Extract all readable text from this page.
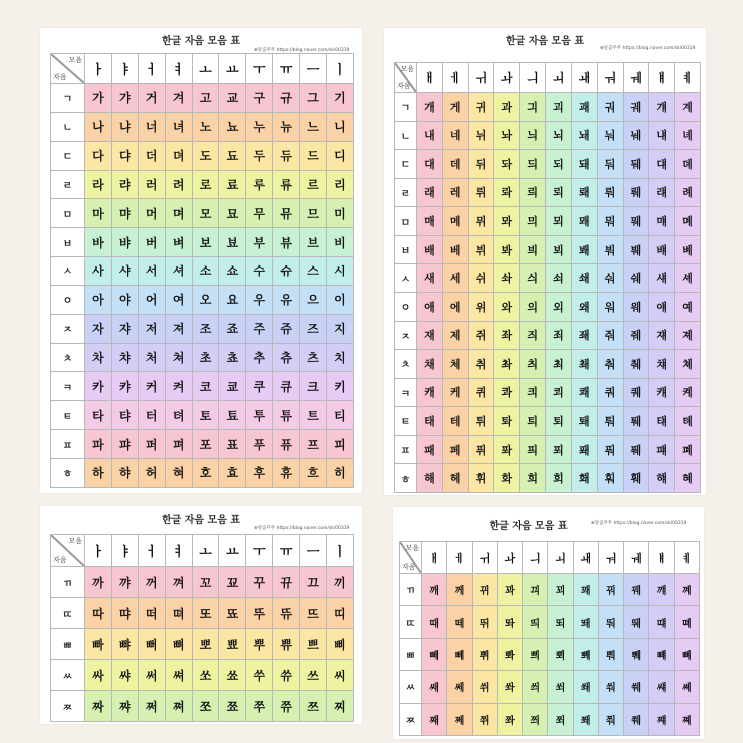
한글 자음 모음 표
⊕달콤무무 https://blog.naver.com/ski00319
모음
자음	ㅏ	ㅑ	ㅓ	ㅕ	ㅗ	ㅛ	ㅜ	ㅠ	ㅡ	ㅣ
ㄱ	가	갸	거	겨	고	교	구	규	그	기
ㄴ	나	냐	너	녀	노	뇨	누	뉴	느	니
ㄷ	다	댜	더	뎌	도	됴	두	듀	드	디
ㄹ	라	랴	러	려	로	료	루	류	르	리
ㅁ	마	먀	머	며	모	묘	무	뮤	므	미
ㅂ	바	뱌	버	벼	보	뵤	부	뷰	브	비
ㅅ	사	샤	서	셔	소	쇼	수	슈	스	시
ㅇ	아	야	어	여	오	요	우	유	으	이
ㅈ	자	쟈	저	져	조	죠	주	쥬	즈	지
ㅊ	차	챠	처	쳐	초	쵸	추	츄	츠	치
ㅋ	카	캬	커	켜	코	쿄	쿠	큐	크	키
ㅌ	타	탸	터	텨	토	툐	투	튜	트	티
ㅍ	파	퍄	퍼	펴	포	표	푸	퓨	프	피
ㅎ	하	햐	허	혀	호	효	후	휴	흐	히
한글 자음 모음 표
⊕달콤무무 https://blog.naver.com/ski00319
모음
자음	ㅐ	ㅔ	ㅟ	ㅘ	ㅢ	ㅚ	ㅙ	ㅝ	ㅞ	ㅒ	ㅖ
ㄱ	개	게	귀	과	긔	괴	괘	궈	궤	걔	계
ㄴ	내	네	뉘	놔	늬	뇌	놰	눠	눼	냬	녜
ㄷ	대	데	뒤	돠	듸	되	돼	둬	뒈	댸	뎨
ㄹ	래	레	뤼	롸	릐	뢰	뢔	뤄	뤠	럐	례
ㅁ	매	메	뮈	뫄	믜	뫼	뫠	뭐	뭬	먜	몌
ㅂ	배	베	뷔	봐	븨	뵈	봬	붜	붸	뱨	볘
ㅅ	새	세	쉬	솨	싀	쇠	쇄	숴	쉐	섀	셰
ㅇ	애	에	위	와	의	외	왜	워	웨	얘	예
ㅈ	재	제	쥐	좌	즤	죄	좨	줘	줴	쟤	졔
ㅊ	채	체	취	촤	츼	최	쵀	춰	췌	챼	쳬
ㅋ	캐	케	퀴	콰	킈	쾨	쾌	쿼	퀘	컈	켸
ㅌ	태	테	튀	톼	틔	퇴	퇘	퉈	퉤	턔	톄
ㅍ	패	페	퓌	퐈	픠	푀	퐤	풔	풰	퍠	폐
ㅎ	해	헤	휘	화	희	회	홰	훠	훼	햬	혜
한글 자음 모음 표
⊕달콤무무 https://blog.naver.com/ski00319
모음
자음	ㅏ	ㅑ	ㅓ	ㅕ	ㅗ	ㅛ	ㅜ	ㅠ	ㅡ	ㅣ
ㄲ	까	꺄	꺼	껴	꼬	꾜	꾸	뀨	끄	끼
ㄸ	따	땨	떠	뗘	또	뚀	뚜	뜌	뜨	띠
ㅃ	빠	뺘	뻐	뼈	뽀	뾰	뿌	쀼	쁘	삐
ㅆ	싸	쌰	써	쎠	쏘	쑈	쑤	쓔	쓰	씨
ㅉ	짜	쨔	쩌	쪄	쪼	쬬	쭈	쮸	쯔	찌
한글 자음 모음 표	⊕달콤무무 https://blog.naver.com/ski00319
모음
자음	ㅐ	ㅔ	ㅟ	ㅘ	ㅢ	ㅚ	ㅙ	ㅝ	ㅞ	ㅒ	ㅖ
ㄲ	깨	께	뀌	꽈	끠	꾀	꽤	꿔	꿰	꺠	꼐
ㄸ	때	떼	뛰	똬	띄	뙤	뙈	뚸	뛔	떄	뗴
ㅃ	빼	뻬	쀠	뽜	쁴	뾔	뽸	뿨	쀄	뺴	뼤
ㅆ	쌔	쎄	쒸	쏴	씌	쐬	쐐	쒀	쒜	썌	쎼
ㅉ	째	쩨	쮜	쫘	쯰	쬐	쫴	쭤	쮀	쨰	쪠
